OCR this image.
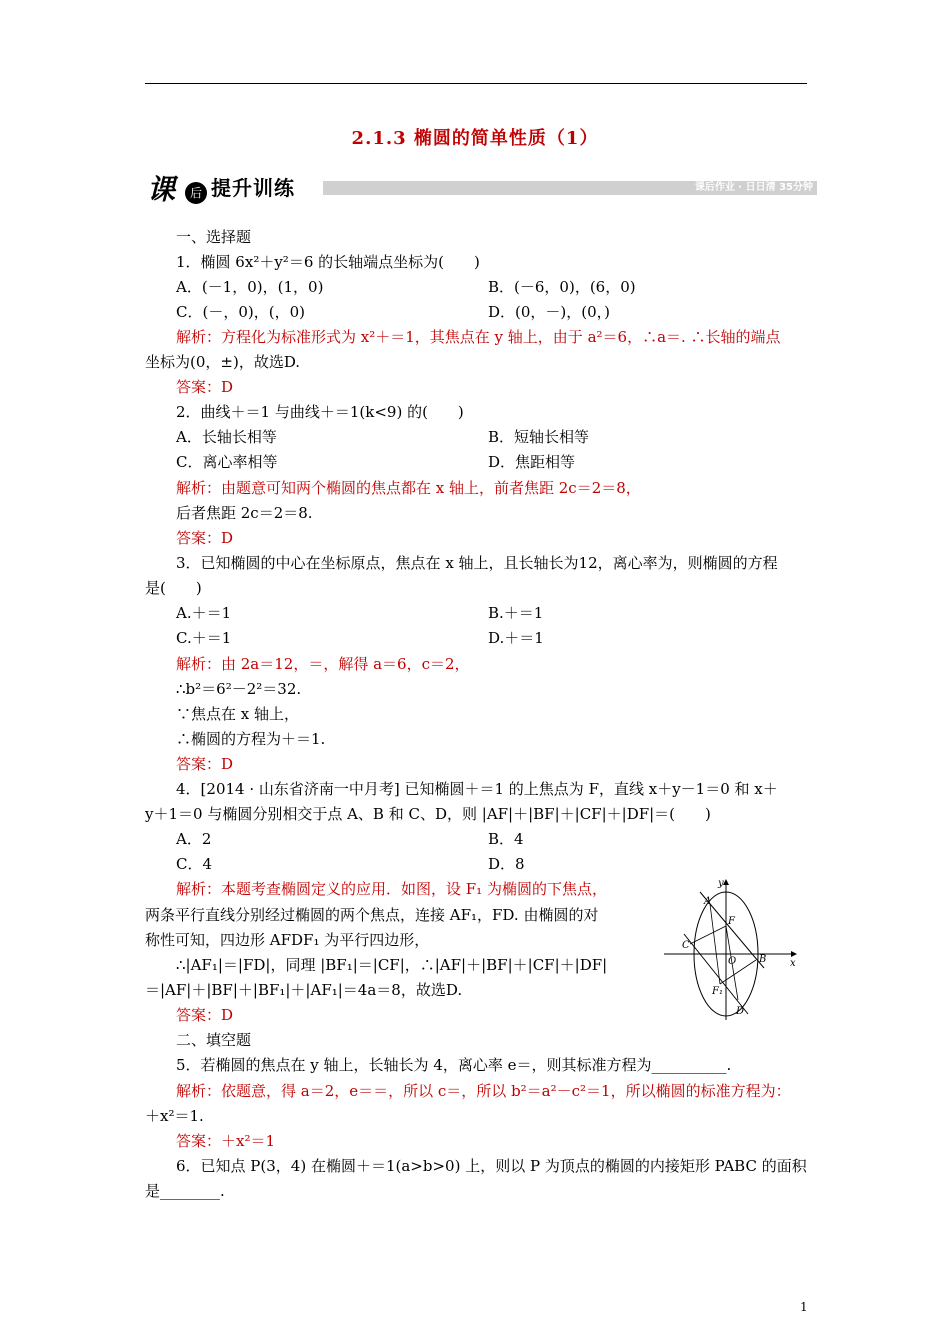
2.1.3 椭圆的简单性质（1）
课	后 提升训练	课后作业 · 日日清 35分钟
一、选择题
1．椭圆 6x²＋y²＝6 的长轴端点坐标为(　　)
A．(－1，0)，(1，0)	B．(－6，0)，(6，0)
C．(－，0)，(，0)	D．(0，－)，(0，)
解析：方程化为标准形式为 x²＋＝1，其焦点在 y 轴上，由于 a²＝6，∴a＝. ∴长轴的端点
坐标为(0，±)，故选D.
答案：D
2．曲线＋＝1 与曲线＋＝1(k<9) 的(　　)
A．长轴长相等	B．短轴长相等
C．离心率相等	D．焦距相等
解析：由题意可知两个椭圆的焦点都在 x 轴上，前者焦距 2c＝2＝8，
后者焦距 2c＝2＝8.
答案：D
3．已知椭圆的中心在坐标原点，焦点在 x 轴上，且长轴长为12，离心率为，则椭圆的方程
是(　　)
A.＋＝1	B.＋＝1
C.＋＝1	D.＋＝1
解析：由 2a＝12，＝，解得 a＝6，c＝2，
∴b²＝6²－2²＝32.
∵焦点在 x 轴上，
∴椭圆的方程为＋＝1.
答案：D
4．[2014 · 山东省济南一中月考] 已知椭圆＋＝1 的上焦点为 F，直线 x＋y－1＝0 和 x＋
y＋1＝0 与椭圆分别相交于点 A、B 和 C、D，则 |AF|＋|BF|＋|CF|＋|DF|＝(　　)
A．2	B．4
C．4	D．8
解析：本题考查椭圆定义的应用．如图，设 F₁ 为椭圆的下焦点，
两条平行直线分别经过椭圆的两个焦点，连接 AF₁，FD. 由椭圆的对
称性可知，四边形 AFDF₁ 为平行四边形，
∴|AF₁|＝|FD|，同理 |BF₁|＝|CF|，∴|AF|＋|BF|＋|CF|＋|DF|
＝|AF|＋|BF|＋|BF₁|＋|AF₁|＝4a＝8，故选D.
答案：D
二、填空题
5．若椭圆的焦点在 y 轴上，长轴长为 4，离心率 e＝，则其标准方程为__________.
解析：依题意，得 a＝2，e＝＝，所以 c＝，所以 b²＝a²－c²＝1，所以椭圆的标准方程为：
＋x²＝1.
答案：＋x²＝1
6．已知点 P(3，4) 在椭圆＋＝1(a>b>0) 上，则以 P 为顶点的椭圆的内接矩形 PABC 的面积
是________.
y
A
F
C
O B x
F₁
D
1
